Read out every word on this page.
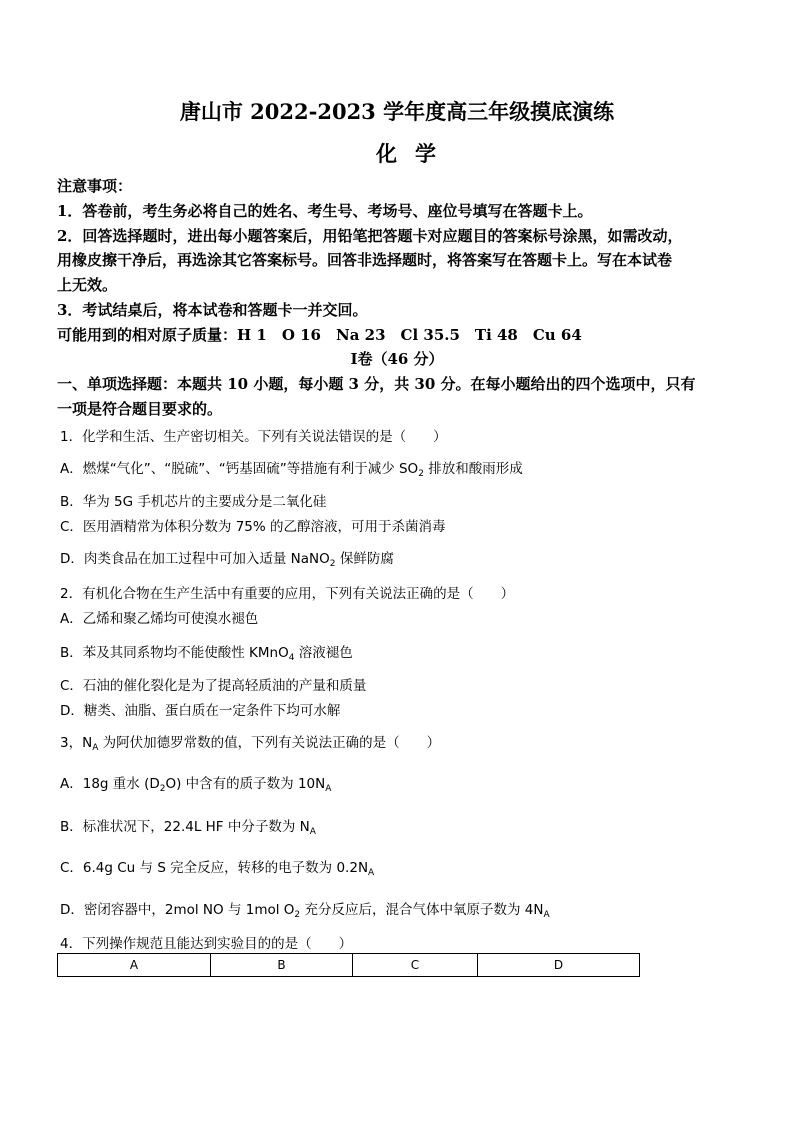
唐山市 2022-2023 学年度高三年级摸底演练
化学
注意事项：
1．答卷前，考生务必将自己的姓名、考生号、考场号、座位号填写在答题卡上。
2．回答选择题时，进出每小题答案后，用铅笔把答题卡对应题目的答案标号涂黑，如需改动，
用橡皮擦干净后，再选涂其它答案标号。回答非选择题时，将答案写在答题卡上。写在本试卷
上无效。
3．考试结桌后，将本试卷和答题卡一并交回。
可能用到的相对原子质量：H 1　O 16　Na 23　Cl 35.5　Ti 48　Cu 64
Ⅰ卷（46 分）
一、单项选择题：本题共 10 小题，每小题 3 分，共 30 分。在每小题给出的四个选项中，只有
一项是符合题目要求的。
1．化学和生活、生产密切相关。下列有关说法错误的是（　　）
A．燃煤“气化”、“脱硫”、“钙基固硫”等措施有利于减少 $SO_2$ 排放和酸雨形成
B．华为 5G 手机芯片的主要成分是二氧化硅
C．医用酒精常为体积分数为 75% 的乙醇溶液，可用于杀菌消毒
D．肉类食品在加工过程中可加入适量 NaNO$_2$ 保鲜防腐
2．有机化合物在生产生活中有重要的应用，下列有关说法正确的是（　　）
A．乙烯和聚乙烯均可使溴水褪色
B．苯及其同系物均不能使酸性 KMnO$_4$ 溶液褪色
C．石油的催化裂化是为了提高轻质油的产量和质量
D．糖类、油脂、蛋白质在一定条件下均可水解
3，$N_A$ 为阿伏加德罗常数的值，下列有关说法正确的是（　　）
A．18g 重水 $(D_2O)$ 中含有的质子数为 $10N_A$
B．标准状况下，22.4L HF 中分子数为 $N_A$
C．6.4g Cu 与 S 完全反应，转移的电子数为 $0.2N_A$
D．密闭容器中，2mol NO 与 1mol $O_2$ 充分反应后，混合气体中氧原子数为 $4N_A$
4．下列操作规范且能达到实验目的的是（　　）
A	B	C	D
